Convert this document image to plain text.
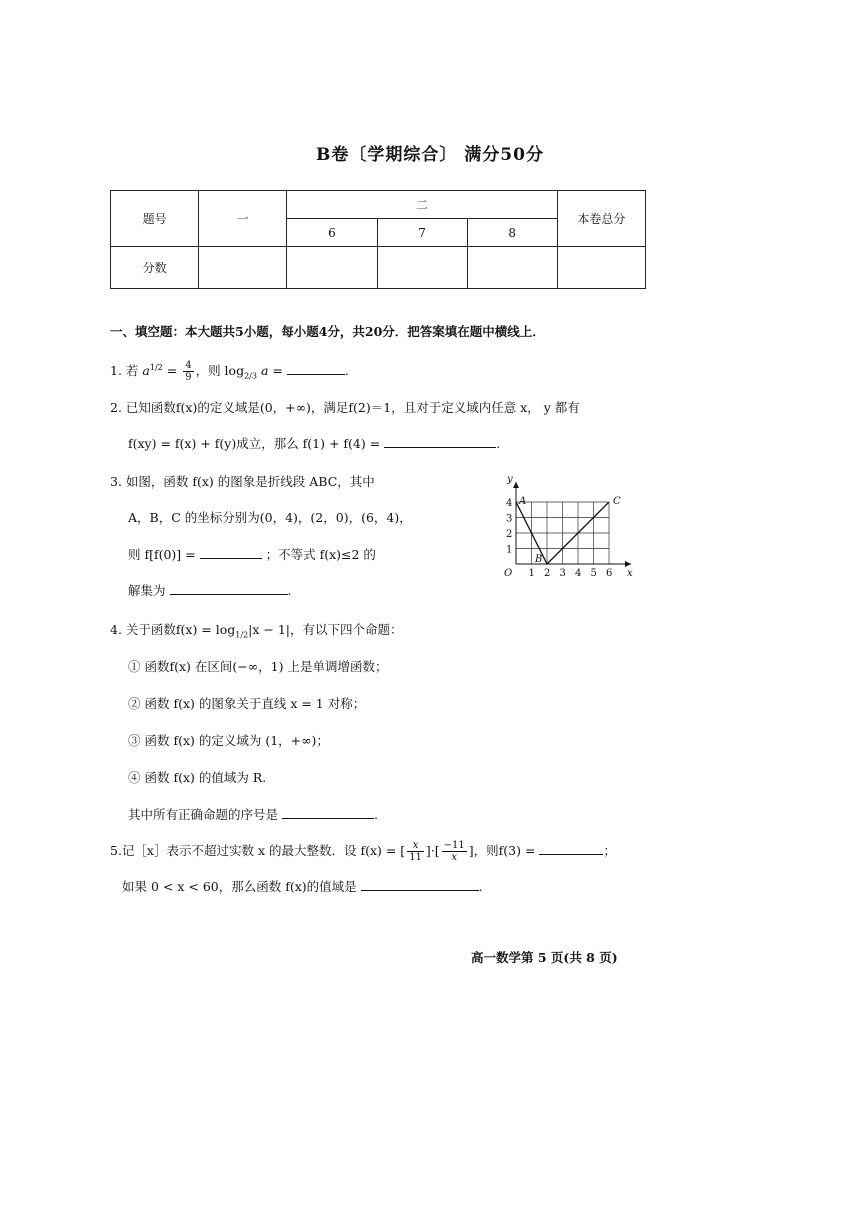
B卷〔学期综合〕 满分50分
题号	一	二			本卷总分
		6	7	8	
分数					
一、填空题：本大题共5小题，每小题4分，共20分．把答案填在题中横线上．
1. 若 $a^{1/2} = \frac{4}{9}$ ，则 $\log_{2/3} a$ =	.
2. 已知函数f(x)的定义域是(0，+∞)，满足f(2)＝1，且对于定义域内任意 x， y 都有
f(xy) = f(x) + f(y)成立，那么 f(1) + f(4) =	.
3. 如图，函数 f(x) 的图象是折线段 ABC，其中
A，B，C 的坐标分别为(0，4)，(2，0)，(6，4)，
则 f[f(0)] =	；不等式 f(x)≤2 的
解集为	.
1 2 3 4 5 6
1
2
3
4
O	x
y
A
B
C
4. 关于函数$f(x) = \log_{1/2}|x - 1|$，有以下四个命题：
① 函数f(x) 在区间(−∞，1) 上是单调增函数；
② 函数 f(x) 的图象关于直线 x = 1 对称；
③ 函数 f(x) 的定义域为 (1，+∞)；
④ 函数 f(x) 的值域为 R.
其中所有正确命题的序号是	.
5.记［x］表示不超过实数 x 的最大整数．设 f(x) = [ $\frac{x}{11}$ ]·[ $\frac{-11}{x}$ ]，则f(3) =	；
如果 0 < x < 60，那么函数 f(x)的值域是	.
高一数学第 5 页(共 8 页)
